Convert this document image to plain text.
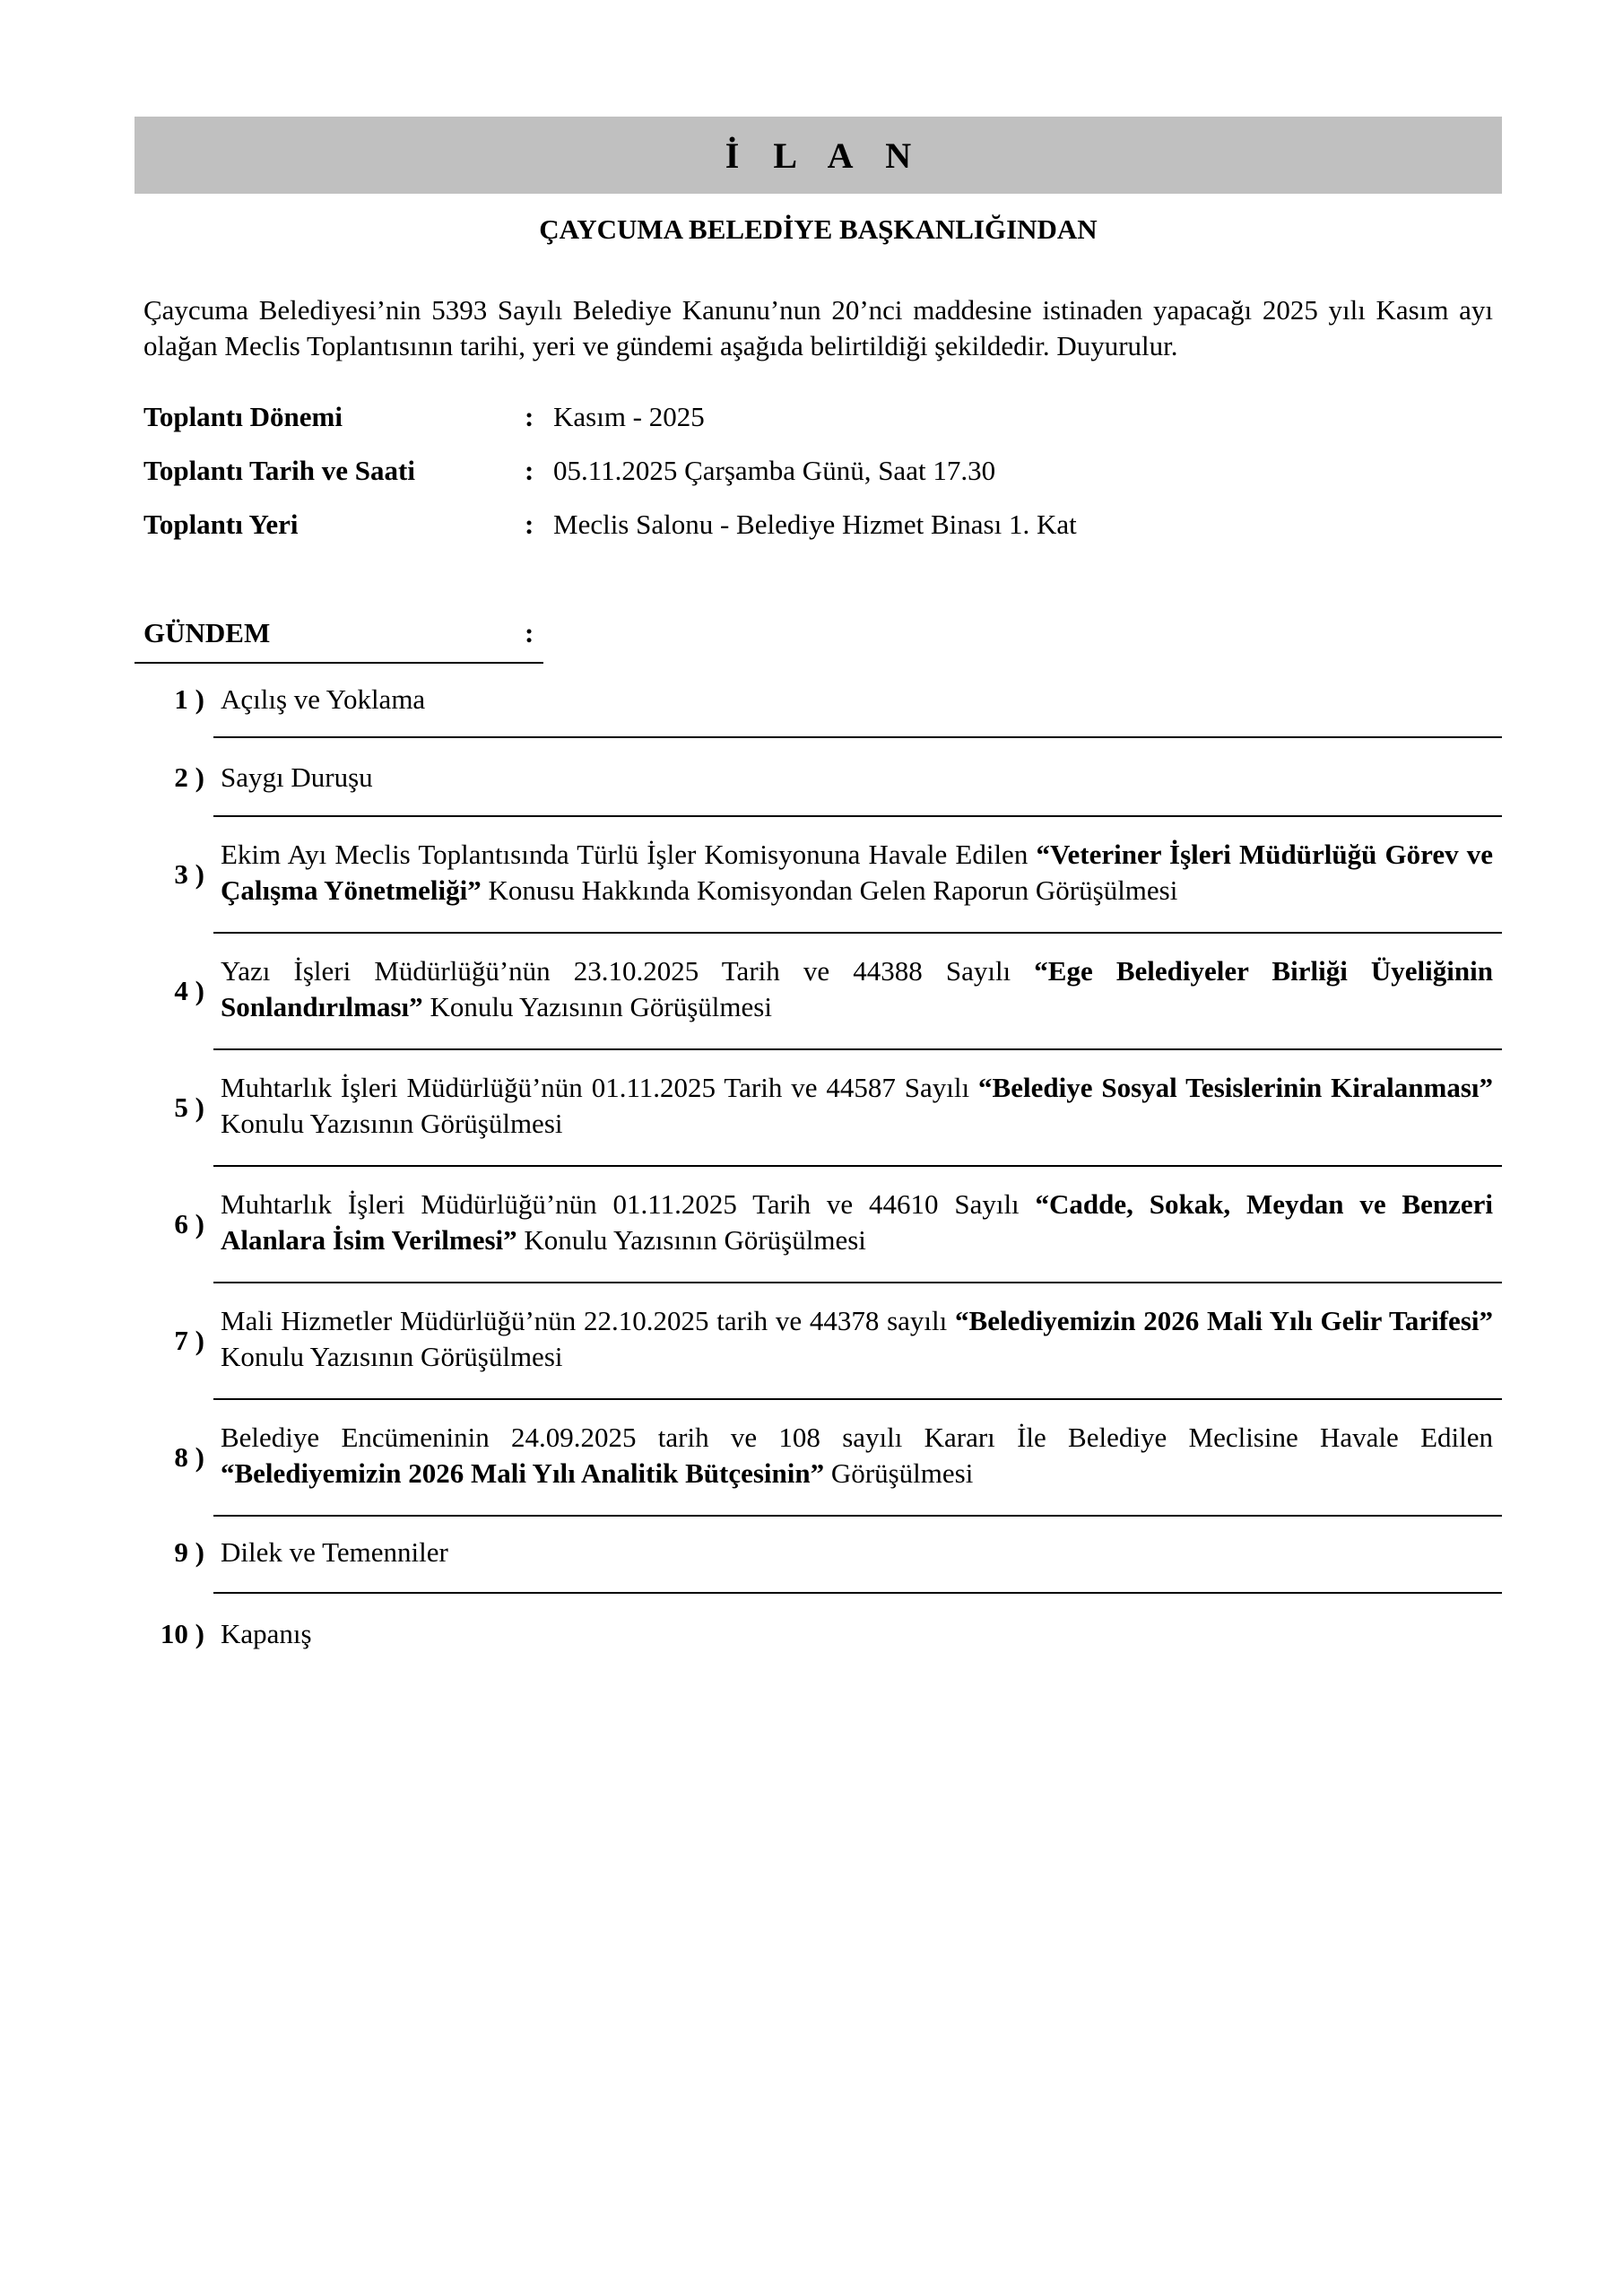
İ L A N
ÇAYCUMA BELEDİYE BAŞKANLIĞINDAN

Çaycuma Belediyesi’nin 5393 Sayılı Belediye Kanunu’nun 20’nci maddesine istinaden yapacağı 2025 yılı Kasım ayı olağan Meclis Toplantısının tarihi, yeri ve gündemi aşağıda belirtildiği şekildedir. Duyurulur.

Toplantı Dönemi	: Kasım - 2025
Toplantı Tarih ve Saati	: 05.11.2025 Çarşamba Günü, Saat 17.30
Toplantı Yeri	: Meclis Salonu - Belediye Hizmet Binası 1. Kat
GÜNDEM	:
1 ) Açılış ve Yoklama
2 ) Saygı Duruşu
3 )
Ekim Ayı Meclis Toplantısında Türlü İşler Komisyonuna Havale Edilen “Veteriner İşleri Müdürlüğü Görev ve Çalışma Yönetmeliği” Konusu Hakkında Komisyondan Gelen Raporun Görüşülmesi
4 )
Yazı İşleri Müdürlüğü’nün 23.10.2025 Tarih ve 44388 Sayılı “Ege Belediyeler Birliği Üyeliğinin Sonlandırılması” Konulu Yazısının Görüşülmesi
5 )
Muhtarlık İşleri Müdürlüğü’nün 01.11.2025 Tarih ve 44587 Sayılı “Belediye Sosyal Tesislerinin Kiralanması” Konulu Yazısının Görüşülmesi
6 )
Muhtarlık İşleri Müdürlüğü’nün 01.11.2025 Tarih ve 44610 Sayılı “Cadde, Sokak, Meydan ve Benzeri Alanlara İsim Verilmesi” Konulu Yazısının Görüşülmesi
7 )
Mali Hizmetler Müdürlüğü’nün 22.10.2025 tarih ve 44378 sayılı “Belediyemizin 2026 Mali Yılı Gelir Tarifesi” Konulu Yazısının Görüşülmesi
8 )
Belediye Encümeninin 24.09.2025 tarih ve 108 sayılı Kararı İle Belediye Meclisine Havale Edilen “Belediyemizin 2026 Mali Yılı Analitik Bütçesinin” Görüşülmesi
9 ) Dilek ve Temenniler
10 ) Kapanış
